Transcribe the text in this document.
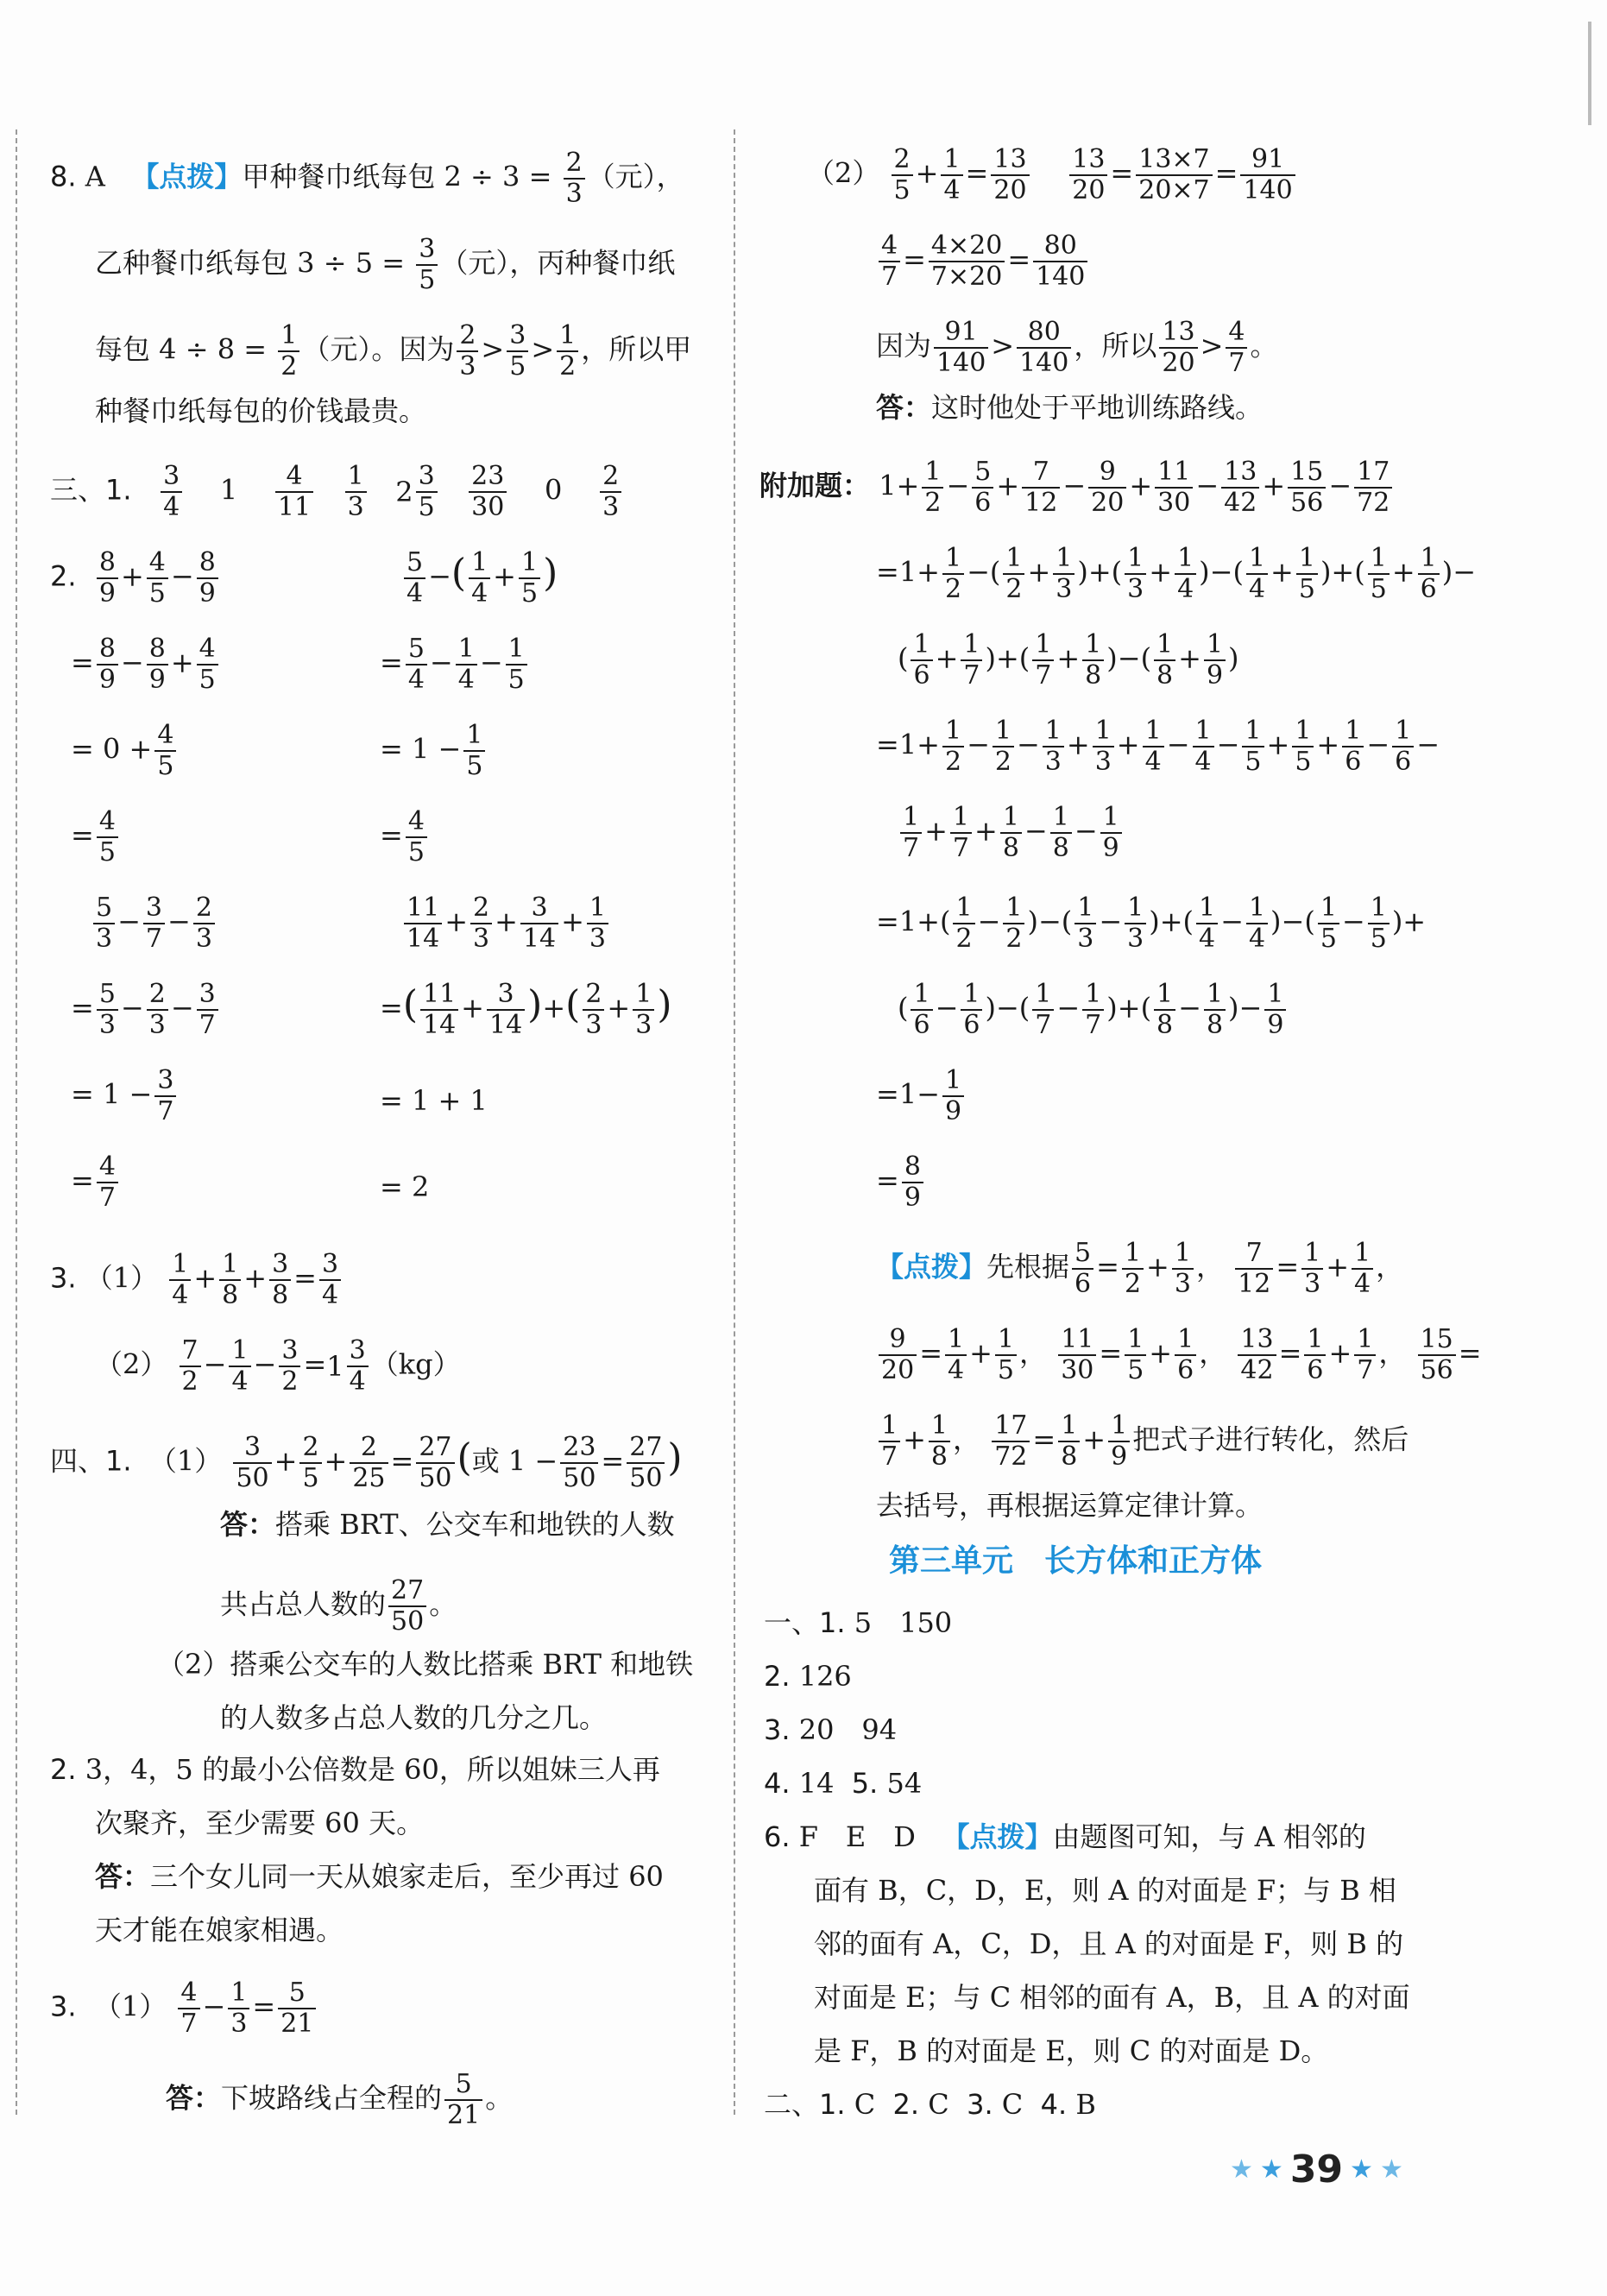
8. A 【点拨】甲种餐巾纸每包 $2 \div 3 = \frac{2}{3}$ （元），
乙种餐巾纸每包 $3 \div 5 = \frac{3}{5}$ （元），丙种餐巾纸
每包 $4 \div 8 = \frac{1}{2}$ （元）。因为 $\frac{2}{3} > \frac{3}{5} > \frac{1}{2}$ ，所以甲
种餐巾纸每包的价钱最贵。
三、1. $\frac{3}{4} 1 \frac{4}{11}$
$\frac{1}{3}$
2 3
5
$\frac{23}{30} 0 \frac{2}{3}$
2. $\frac{8}{9} + \frac{4}{5} - \frac{8}{9}$
= $\frac{8}{9} - \frac{8}{9} + \frac{4}{5}$
= $0 + \frac{4}{5}$
= $\frac{4}{5}$
$\frac{5}{3} - \frac{3}{7} - \frac{2}{3}$
= $\frac{5}{3} - \frac{2}{3} - \frac{3}{7}$
= $1 - \frac{3}{7}$
= $\frac{4}{7}$
$\frac{5}{4}$ −( $\frac{1}{4} + \frac{1}{5}$ )
= $\frac{5}{4} - \frac{1}{4} - \frac{1}{5}$
= $1 - \frac{1}{5}$
= $\frac{4}{5}$
$\frac{11}{14} + \frac{2}{3} + \frac{3}{14} + \frac{1}{3}$
=( $\frac{11}{14} + \frac{3}{14}$ )+( $\frac{2}{3} + \frac{1}{3}$ )
= 1 + 1
= 2
3. $(1) \frac{1}{4} + \frac{1}{8} + \frac{3}{8} = \frac{3}{4}$
$(2) \frac{7}{2} - \frac{1}{4} - \frac{3}{2} = 1$ 3
4
（kg）
四、1. $(1) \frac{3}{50} + \frac{2}{5} + \frac{2}{25} = \frac{27}{50}$ (或 $1 - \frac{23}{50} = \frac{27}{50}$ )
答：搭乘 BRT、公交车和地铁的人数
共占总人数的 $\frac{27}{50}$ 。
（2）搭乘公交车的人数比搭乘 BRT 和地铁
的人数多占总人数的几分之几。
2. 3，4，5 的最小公倍数是 60，所以姐妹三人再
次聚齐，至少需要 60 天。
答：三个女儿同一天从娘家走后，至少再过 60
天才能在娘家相遇。
3. $(1) \frac{4}{7} - \frac{1}{3} = \frac{5}{21}$
答：下坡路线占全程的 $\frac{5}{21}$ 。
$(2) \frac{2}{5} + \frac{1}{4} = \frac{13}{20}$
$\frac{13}{20} = \frac{13\times 7}{20\times 7} = \frac{91}{140}$
$\frac{4}{7} = \frac{4\times 20}{7\times 20} = \frac{80}{140}$
因为 $\frac{91}{140} > \frac{80}{140}$ ，所以 $\frac{13}{20} > \frac{4}{7}$ 。
答：这时他处于平地训练路线。
附加题： $1+ \frac{1}{2} - \frac{5}{6} + \frac{7}{12} - \frac{9}{20} + \frac{11}{30} - \frac{13}{42} + \frac{15}{56} - \frac{17}{72}$
$=1+ \frac{1}{2}$ −( $\frac{1}{2} + \frac{1}{3}$ )+( $\frac{1}{3} + \frac{1}{4}$ )−( $\frac{1}{4} + \frac{1}{5}$ )+( $\frac{1}{5} + \frac{1}{6}$ )−
( $\frac{1}{6} + \frac{1}{7}$ )+( $\frac{1}{7} + \frac{1}{8}$ )−( $\frac{1}{8} + \frac{1}{9}$ )
$=1+ \frac{1}{2} - \frac{1}{2} - \frac{1}{3} + \frac{1}{3} + \frac{1}{4} - \frac{1}{4} - \frac{1}{5} + \frac{1}{5} + \frac{1}{6} - \frac{1}{6}$ −
$\frac{1}{7} + \frac{1}{7} + \frac{1}{8} - \frac{1}{8} - \frac{1}{9}$
$=1+( \frac{1}{2} - \frac{1}{2}$ )−( $\frac{1}{3} - \frac{1}{3}$ )+( $\frac{1}{4} - \frac{1}{4}$ )−( $\frac{1}{5} - \frac{1}{5}$ )+
( $\frac{1}{6} - \frac{1}{6}$ )−( $\frac{1}{7} - \frac{1}{7}$ )+( $\frac{1}{8} - \frac{1}{8}$ )− $\frac{1}{9}$
$=1- \frac{1}{9}$
= $\frac{8}{9}$
【点拨】先根据 $\frac{5}{6} = \frac{1}{2} + \frac{1}{3}$ ， $\frac{7}{12} = \frac{1}{3} + \frac{1}{4}$ ，
$\frac{9}{20} = \frac{1}{4} + \frac{1}{5}$ ， $\frac{11}{30} = \frac{1}{5} + \frac{1}{6}$ ， $\frac{13}{42} = \frac{1}{6} + \frac{1}{7}$ ， $\frac{15}{56}$ =
$\frac{1}{7} + \frac{1}{8}$ ， $\frac{17}{72} = \frac{1}{8} + \frac{1}{9}$ 把式子进行转化，然后
去括号，再根据运算定律计算。
第三单元　长方体和正方体
一、1. 5　150
2. 126
3. 20　94
4. 14 5. 54
6. F　E　D 【点拨】由题图可知，与 A 相邻的
面有 B，C，D，E，则 A 的对面是 F；与 B 相
邻的面有 A，C，D，且 A 的对面是 F，则 B 的
对面是 E；与 C 相邻的面有 A，B，且 A 的对面
是 F，B 的对面是 E，则 C 的对面是 D。
二、1. C 2. C 3. C 4. B
★ ★ 39 ★ ★
